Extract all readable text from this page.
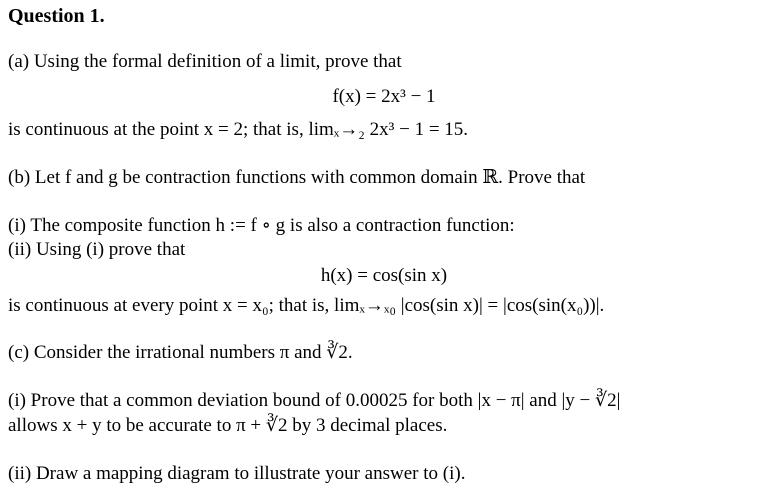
Question 1.
(a) Using the formal definition of a limit, prove that
f(x) = 2x³ − 1
is continuous at the point x = 2; that is, limₓ→₂ 2x³ − 1 = 15.
(b) Let f and g be contraction functions with common domain ℝ. Prove that
(i) The composite function h := f ∘ g is also a contraction function:
(ii) Using (i) prove that
h(x) = cos(sin x)
is continuous at every point x = x₀; that is, limₓ→ₓ₀ |cos(sin x)| = |cos(sin(x₀))|.
(c) Consider the irrational numbers π and ∛2.
(i) Prove that a common deviation bound of 0.00025 for both |x − π| and |y − ∛2|
allows x + y to be accurate to π + ∛2 by 3 decimal places.
(ii) Draw a mapping diagram to illustrate your answer to (i).
